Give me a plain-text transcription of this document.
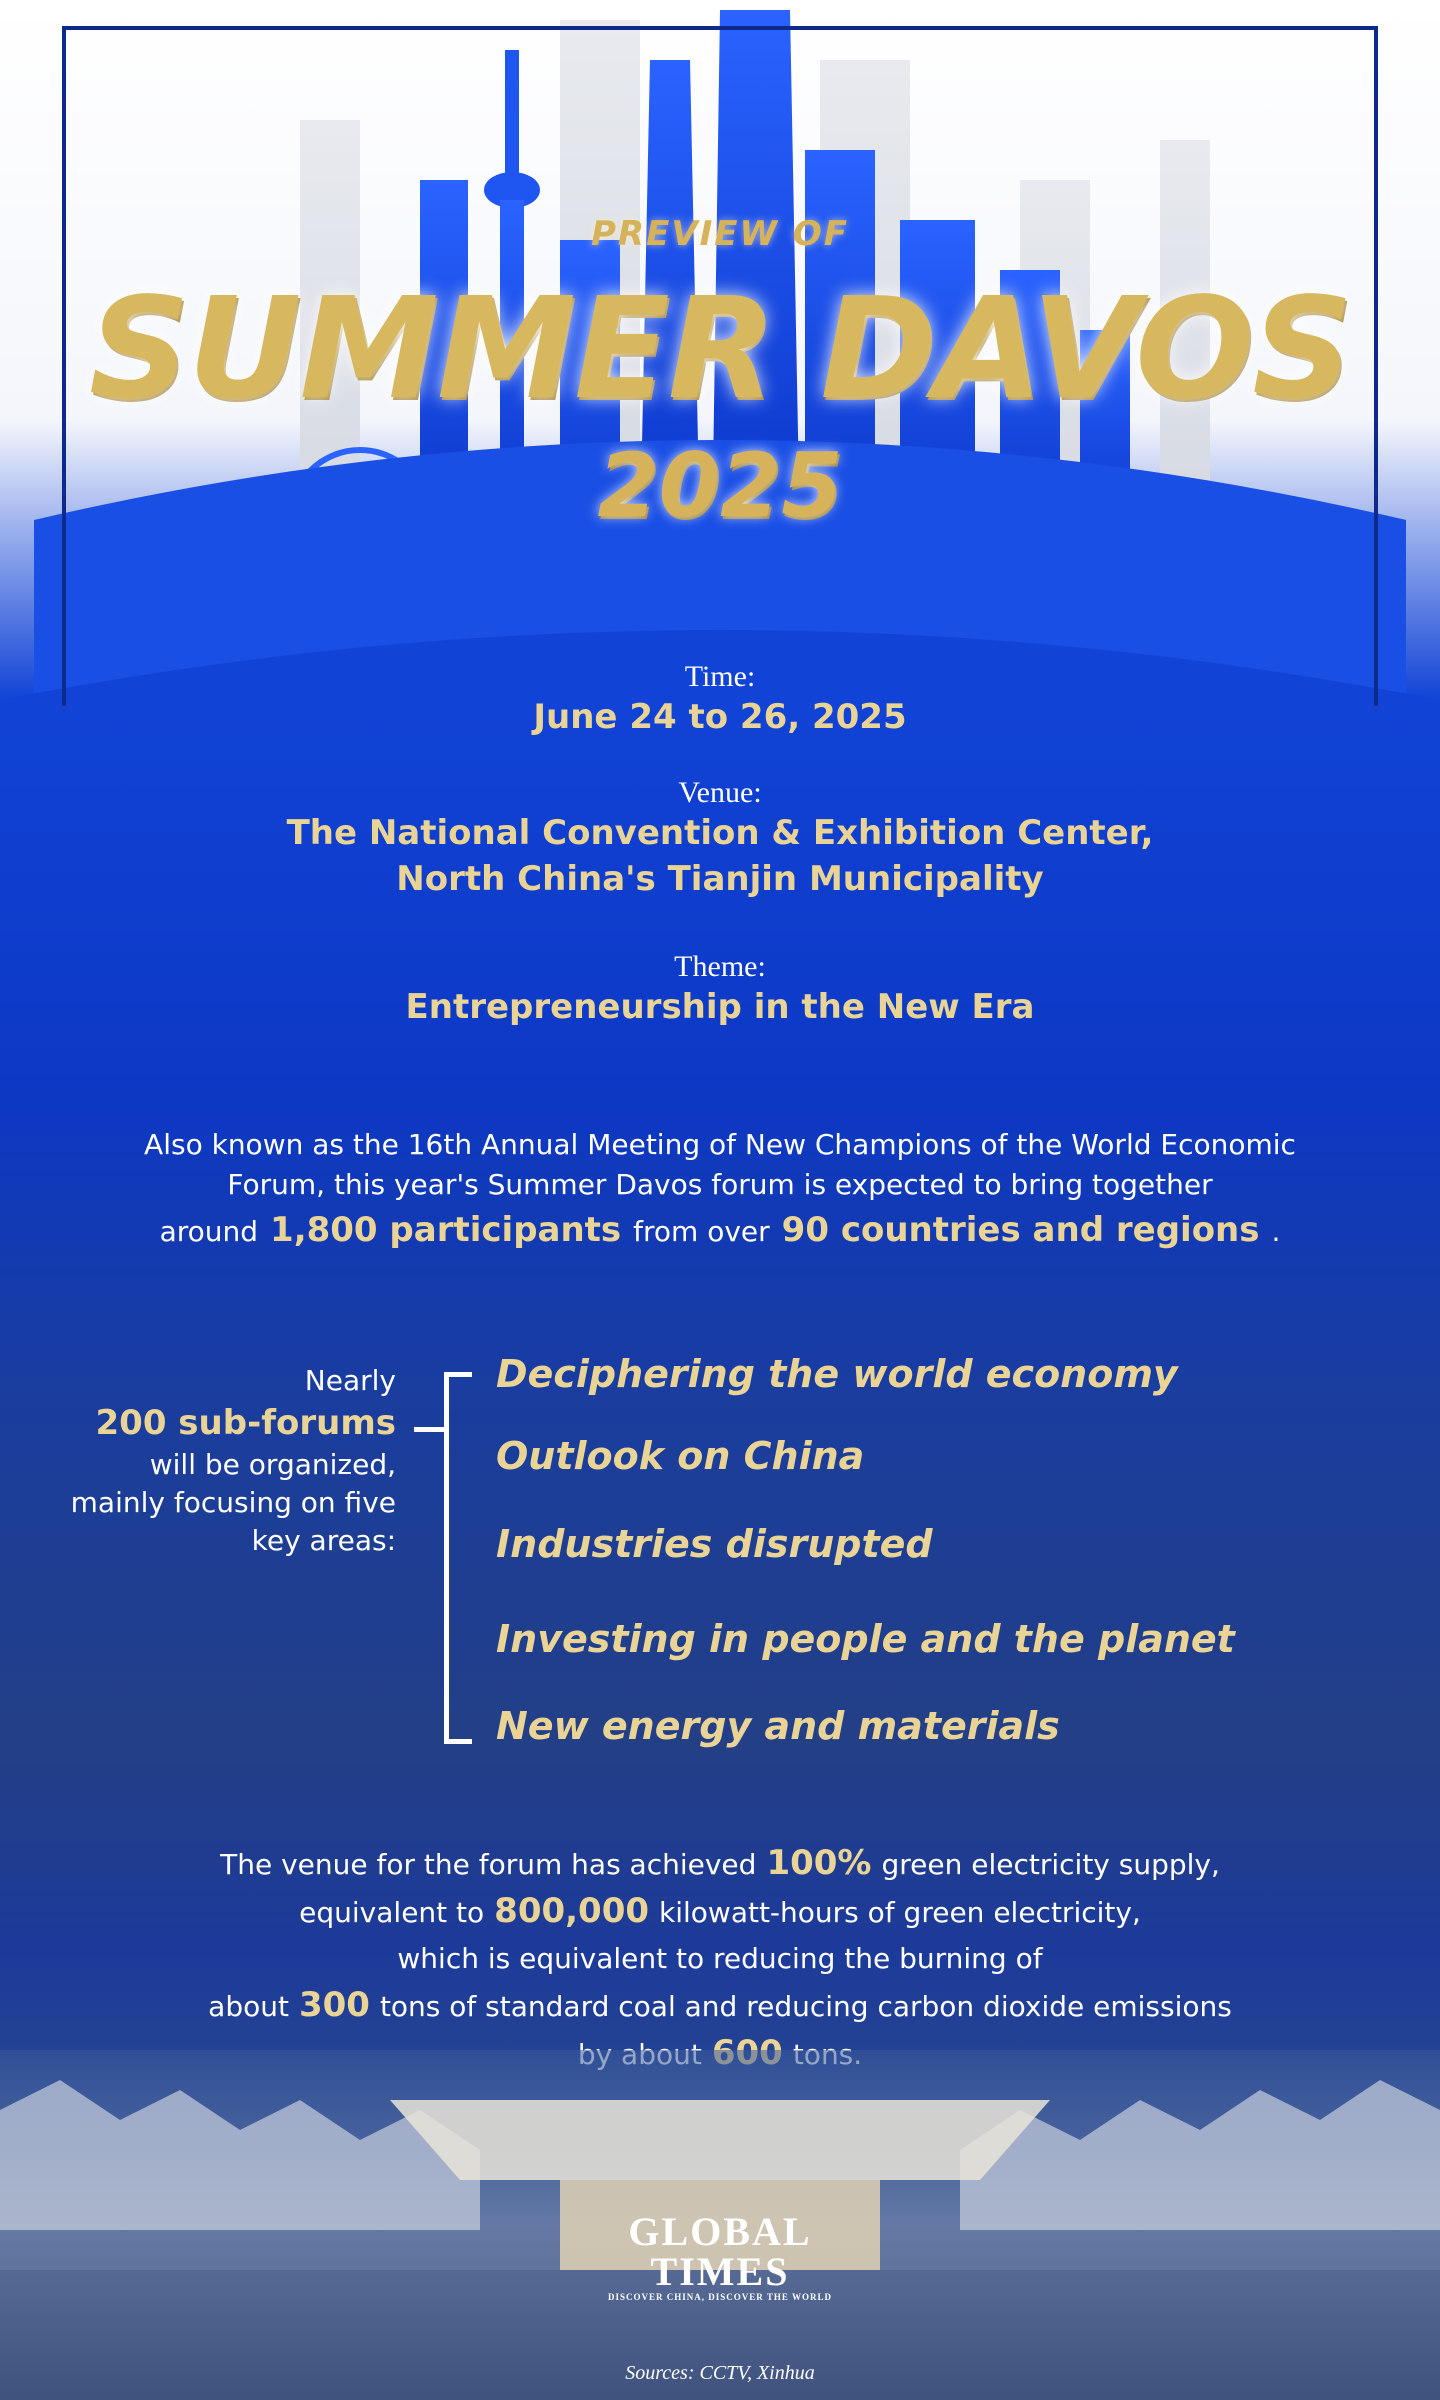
PREVIEW OF
SUMMER DAVOS
2025
Time:
June 24 to 26, 2025
Venue:
The National Convention & Exhibition Center,
North China's Tianjin Municipality
Theme:
Entrepreneurship in the New Era
Also known as the 16th Annual Meeting of New Champions of the World Economic
Forum, this year's Summer Davos forum is expected to bring together
around 1,800 participants from over 90 countries and regions .
Nearly
200 sub-forums
will be organized,
mainly focusing on five
key areas:
Deciphering the world economy
Outlook on China
Industries disrupted
Investing in people and the planet
New energy and materials
The venue for the forum has achieved 100% green electricity supply,
equivalent to 800,000 kilowatt-hours of green electricity,
which is equivalent to reducing the burning of
about 300 tons of standard coal and reducing carbon dioxide emissions
GLOBAL
TIMES
DISCOVER CHINA, DISCOVER THE WORLD
Sources: CCTV, Xinhua
